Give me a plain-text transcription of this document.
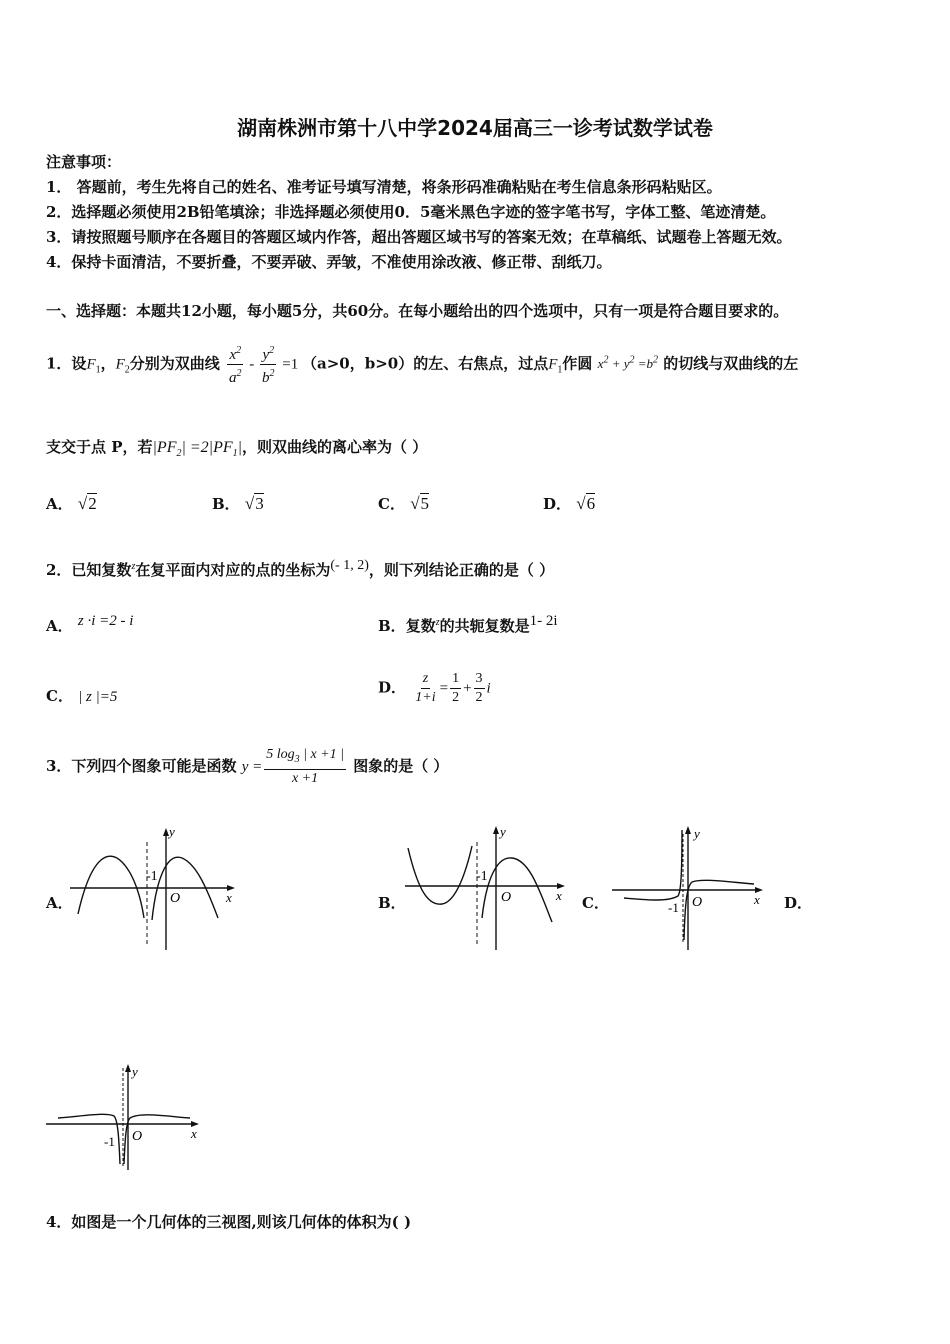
湖南株洲市第十八中学2024届高三一诊考试数学试卷
注意事项：
1． 答题前，考生先将自己的姓名、准考证号填写清楚，将条形码准确粘贴在考生信息条形码粘贴区。
2．选择题必须使用2B铅笔填涂；非选择题必须使用0．5毫米黑色字迹的签字笔书写，字体工整、笔迹清楚。
3．请按照题号顺序在各题目的答题区域内作答，超出答题区域书写的答案无效；在草稿纸、试题卷上答题无效。
4．保持卡面清洁，不要折叠，不要弄破、弄皱，不准使用涂改液、修正带、刮纸刀。
一、选择题：本题共12小题，每小题5分，共60分。在每小题给出的四个选项中，只有一项是符合题目要求的。
1．设$F_1$，$F_2$分别为双曲线 $\frac{x^2}{a^2} - \frac{y^2}{b^2} =1$ （a>0，b>0）的左、右焦点，过点$F_1$作圆 $x^2 + y^2 =b^2$ 的切线与双曲线的左
支交于点 P，若$|PF_2| =2|PF_1|$，则双曲线的离心率为（ ）
A． √2	B． √3	C． √5	D． √6
2．已知复数$^z$在复平面内对应的点的坐标为$^{(- 1, 2)}$，则下列结论正确的是（ ）
A． $^{z \cdot i =2 - i}$	B．复数$^z$的共轭复数是$^{1- 2i}$
C． | z |=5
D． $\frac{z}{1+i} = \frac{1}{2} + \frac{3}{2}$ i
3．下列四个图象可能是函数 $y = \frac{5 \log_3 | x +1 |}{x +1}$ 图象的是（ ）
A．	B．	C．	D．
y
x
O
-1
y
x
O
-1
y
x
O
-1
y
x
O
-1
4．如图是一个几何体的三视图,则该几何体的体积为( )
